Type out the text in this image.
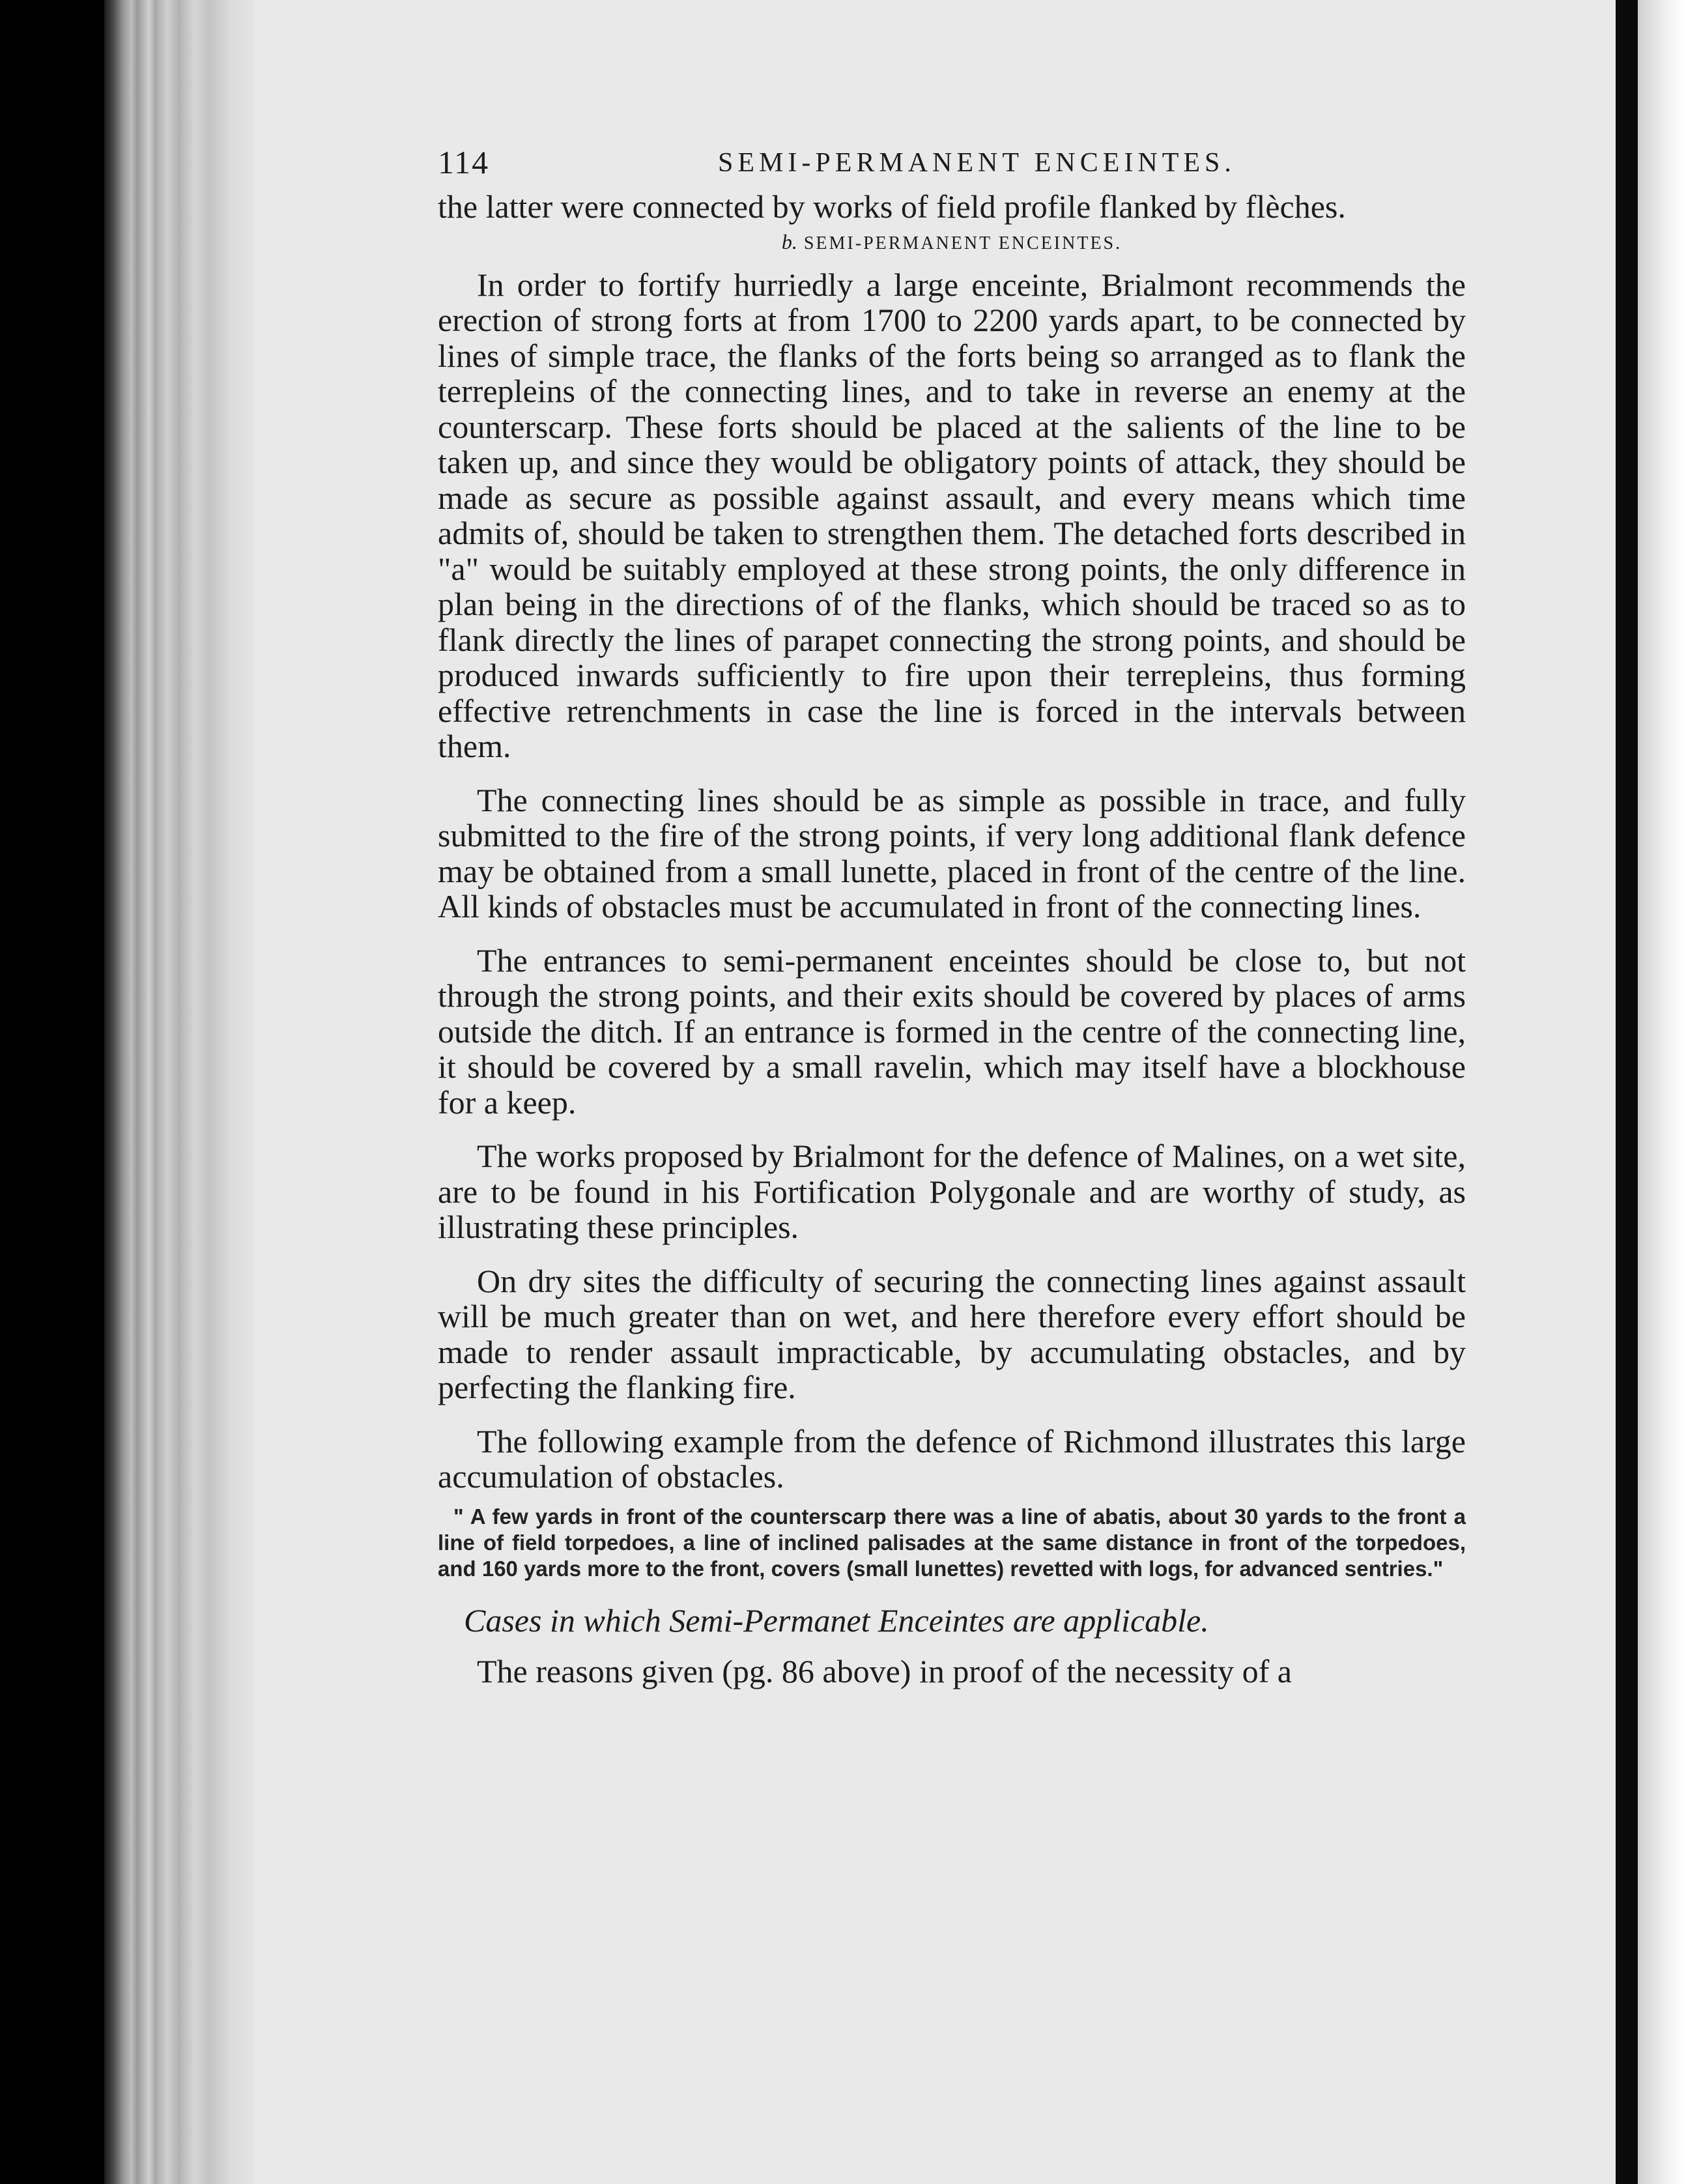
114	SEMI-PERMANENT ENCEINTES.

the latter were connected by works of field profile flanked by flèches.

b. SEMI-PERMANENT ENCEINTES.

In order to fortify hurriedly a large enceinte, Brialmont recommends the erection of strong forts at from 1700 to 2200 yards apart, to be connected by lines of simple trace, the flanks of the forts being so arranged as to flank the terrepleins of the connecting lines, and to take in reverse an enemy at the counterscarp. These forts should be placed at the salients of the line to be taken up, and since they would be obligatory points of attack, they should be made as secure as possible against assault, and every means which time admits of, should be taken to strengthen them. The detached forts described in "a" would be suitably employed at these strong points, the only difference in plan being in the directions of of the flanks, which should be traced so as to flank directly the lines of parapet connecting the strong points, and should be produced inwards sufficiently to fire upon their terrepleins, thus forming effective retrenchments in case the line is forced in the intervals between them.

The connecting lines should be as simple as possible in trace, and fully submitted to the fire of the strong points, if very long additional flank defence may be obtained from a small lunette, placed in front of the centre of the line. All kinds of obstacles must be accumulated in front of the connecting lines.

The entrances to semi-permanent enceintes should be close to, but not through the strong points, and their exits should be covered by places of arms outside the ditch. If an entrance is formed in the centre of the connecting line, it should be covered by a small ravelin, which may itself have a blockhouse for a keep.

The works proposed by Brialmont for the defence of Malines, on a wet site, are to be found in his Fortification Polygonale and are worthy of study, as illustrating these principles.

On dry sites the difficulty of securing the connecting lines against assault will be much greater than on wet, and here therefore every effort should be made to render assault impracticable, by accumulating obstacles, and by perfecting the flanking fire.

The following example from the defence of Richmond illustrates this large accumulation of obstacles.

" A few yards in front of the counterscarp there was a line of abatis, about 30 yards to the front a line of field torpedoes, a line of inclined palisades at the same distance in front of the torpedoes, and 160 yards more to the front, covers (small lunettes) revetted with logs, for advanced sentries."

Cases in which Semi-Permanet Enceintes are applicable.

The reasons given (pg. 86 above) in proof of the necessity of a
